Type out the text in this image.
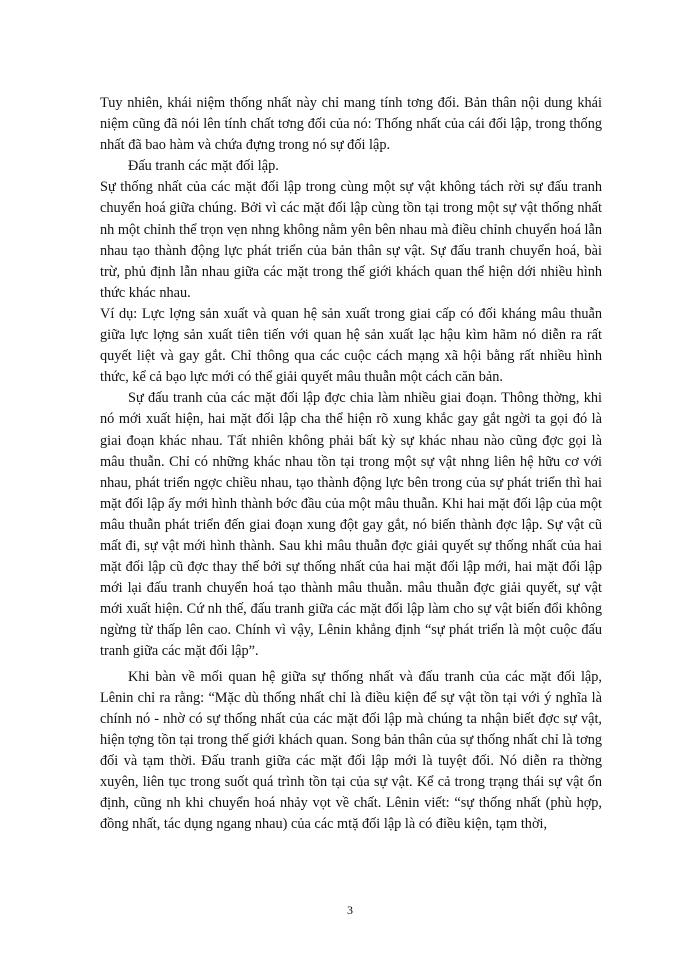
Tuy nhiên, khái niệm thống nhất này chỉ mang tính tơng đối. Bản thân nội dung khái niệm cũng đã nói lên tính chất tơng đối của nó: Thống nhất của cái đối lập, trong thống nhất đã bao hàm và chứa đựng trong nó sự đối lập.

Đấu tranh các mặt đối lập.

Sự thống nhất của các mặt đối lập trong cùng một sự vật không tách rời sự đấu tranh chuyển hoá giữa chúng. Bởi vì các mặt đối lập cùng tồn tại trong một sự vật thống nhất nh một chỉnh thể trọn vẹn nhng không nằm yên bên nhau mà điều chỉnh chuyển hoá lẫn nhau tạo thành động lực phát triển của bản thân sự vật. Sự đấu tranh chuyển hoá, bài trừ, phủ định lẫn nhau giữa các mặt trong thế giới khách quan thể hiện dới nhiều hình thức khác nhau.

Ví dụ: Lực lợng sản xuất và quan hệ sản xuất trong giai cấp có đối kháng mâu thuẫn giữa lực lợng sản xuất tiên tiến với quan hệ sản xuất lạc hậu kìm hãm nó diễn ra rất quyết liệt và gay gắt. Chỉ thông qua các cuộc cách mạng xã hội bằng rất nhiều hình thức, kể cả bạo lực mới có thể giải quyết mâu thuẫn một cách căn bản.

Sự đấu tranh của các mặt đối lập đợc chia làm nhiều giai đoạn. Thông thờng, khi nó mới xuất hiện, hai mặt đối lập cha thể hiện rõ xung khắc gay gắt ngời ta gọi đó là giai đoạn khác nhau. Tất nhiên không phải bất kỳ sự khác nhau nào cũng đợc gọi là mâu thuẫn. Chỉ có những khác nhau tồn tại trong một sự vật nhng liên hệ hữu cơ với nhau, phát triển ngợc chiều nhau, tạo thành động lực bên trong của sự phát triển thì hai mặt đối lập ấy mới hình thành bớc đầu của một mâu thuẫn. Khi hai mặt đối lập của một mâu thuẫn phát triển đến giai đoạn xung đột gay gắt, nó biến thành đợc lập. Sự vật cũ mất đi, sự vật mới hình thành. Sau khi mâu thuẫn đợc giải quyết sự thống nhất của hai mặt đối lập cũ đợc thay thế bởi sự thống nhất của hai mặt đối lập mới, hai mặt đối lập mới lại đấu tranh chuyển hoá tạo thành mâu thuẫn. mâu thuẫn đợc giải quyết, sự vật mới xuất hiện. Cứ nh thế, đấu tranh giữa các mặt đối lập làm cho sự vật biến đổi không ngừng từ thấp lên cao. Chính vì vậy, Lênin khẳng định “sự phát triển là một cuộc đấu tranh giữa các mặt đối lập”.

Khi bàn về mối quan hệ giữa sự thống nhất và đấu tranh của các mặt đối lập, Lênin chỉ ra rằng: “Mặc dù thống nhất chỉ là điều kiện để sự vật tồn tại với ý nghĩa là chính nó - nhờ có sự thống nhất của các mặt đối lập mà chúng ta nhận biết đợc sự vật, hiện tợng tồn tại trong thế giới khách quan. Song bản thân của sự thống nhất chỉ là tơng đối và tạm thời. Đấu tranh giữa các mặt đối lập mới là tuyệt đối. Nó diễn ra thờng xuyên, liên tục trong suốt quá trình tồn tại của sự vật. Kể cả trong trạng thái sự vật ổn định, cũng nh khi chuyển hoá nhảy vọt về chất. Lênin viết: “sự thống nhất (phù hợp, đồng nhất, tác dụng ngang nhau) của các mtặ đối lập là có điều kiện, tạm thời,

3
